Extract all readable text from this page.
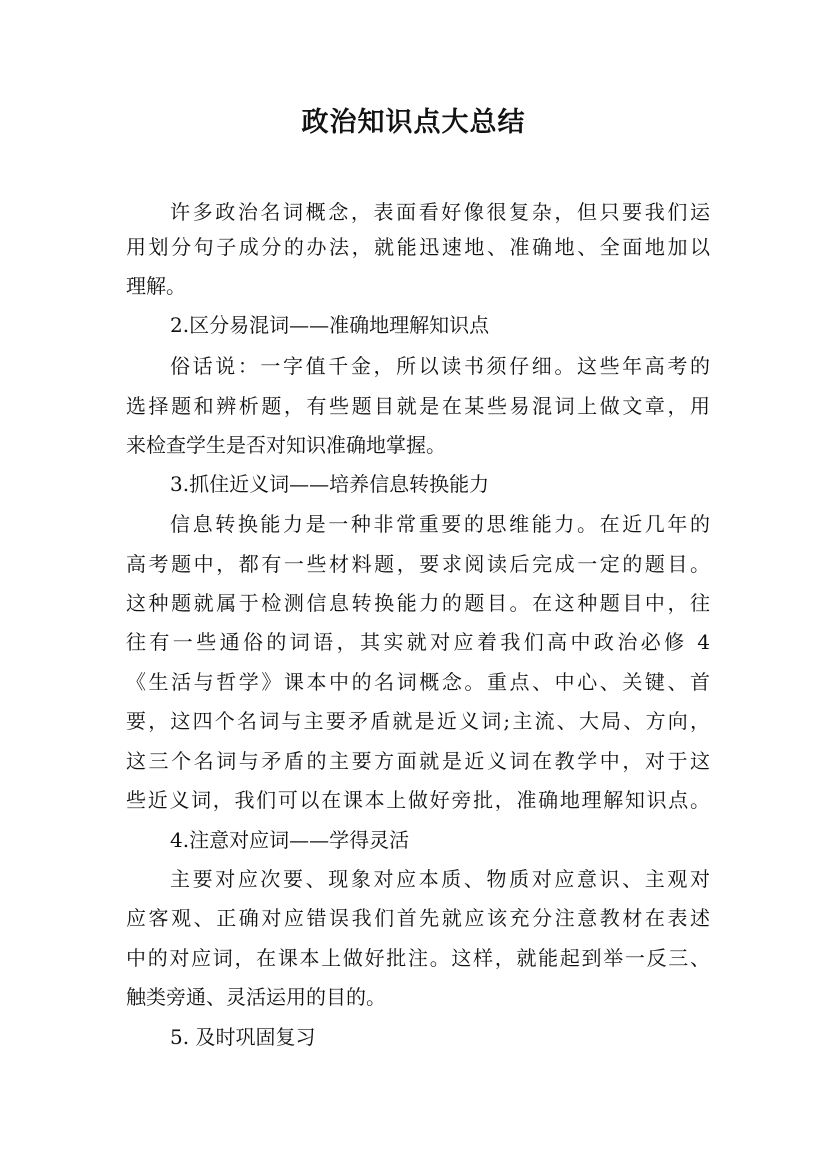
政治知识点大总结

许多政治名词概念，表面看好像很复杂，但只要我们运

用划分句子成分的办法，就能迅速地、准确地、全面地加以

理解。

2.区分易混词——准确地理解知识点

俗话说：一字值千金，所以读书须仔细。这些年高考的

选择题和辨析题，有些题目就是在某些易混词上做文章，用

来检查学生是否对知识准确地掌握。

3.抓住近义词——培养信息转换能力

信息转换能力是一种非常重要的思维能力。在近几年的

高考题中，都有一些材料题，要求阅读后完成一定的题目。

这种题就属于检测信息转换能力的题目。在这种题目中，往

往有一些通俗的词语，其实就对应着我们高中政治必修 4

《生活与哲学》课本中的名词概念。重点、中心、关键、首

要，这四个名词与主要矛盾就是近义词;主流、大局、方向，

这三个名词与矛盾的主要方面就是近义词在教学中，对于这

些近义词，我们可以在课本上做好旁批，准确地理解知识点。

4.注意对应词——学得灵活

主要对应次要、现象对应本质、物质对应意识、主观对

应客观、正确对应错误我们首先就应该充分注意教材在表述

中的对应词，在课本上做好批注。这样，就能起到举一反三、

触类旁通、灵活运用的目的。

5. 及时巩固复习
